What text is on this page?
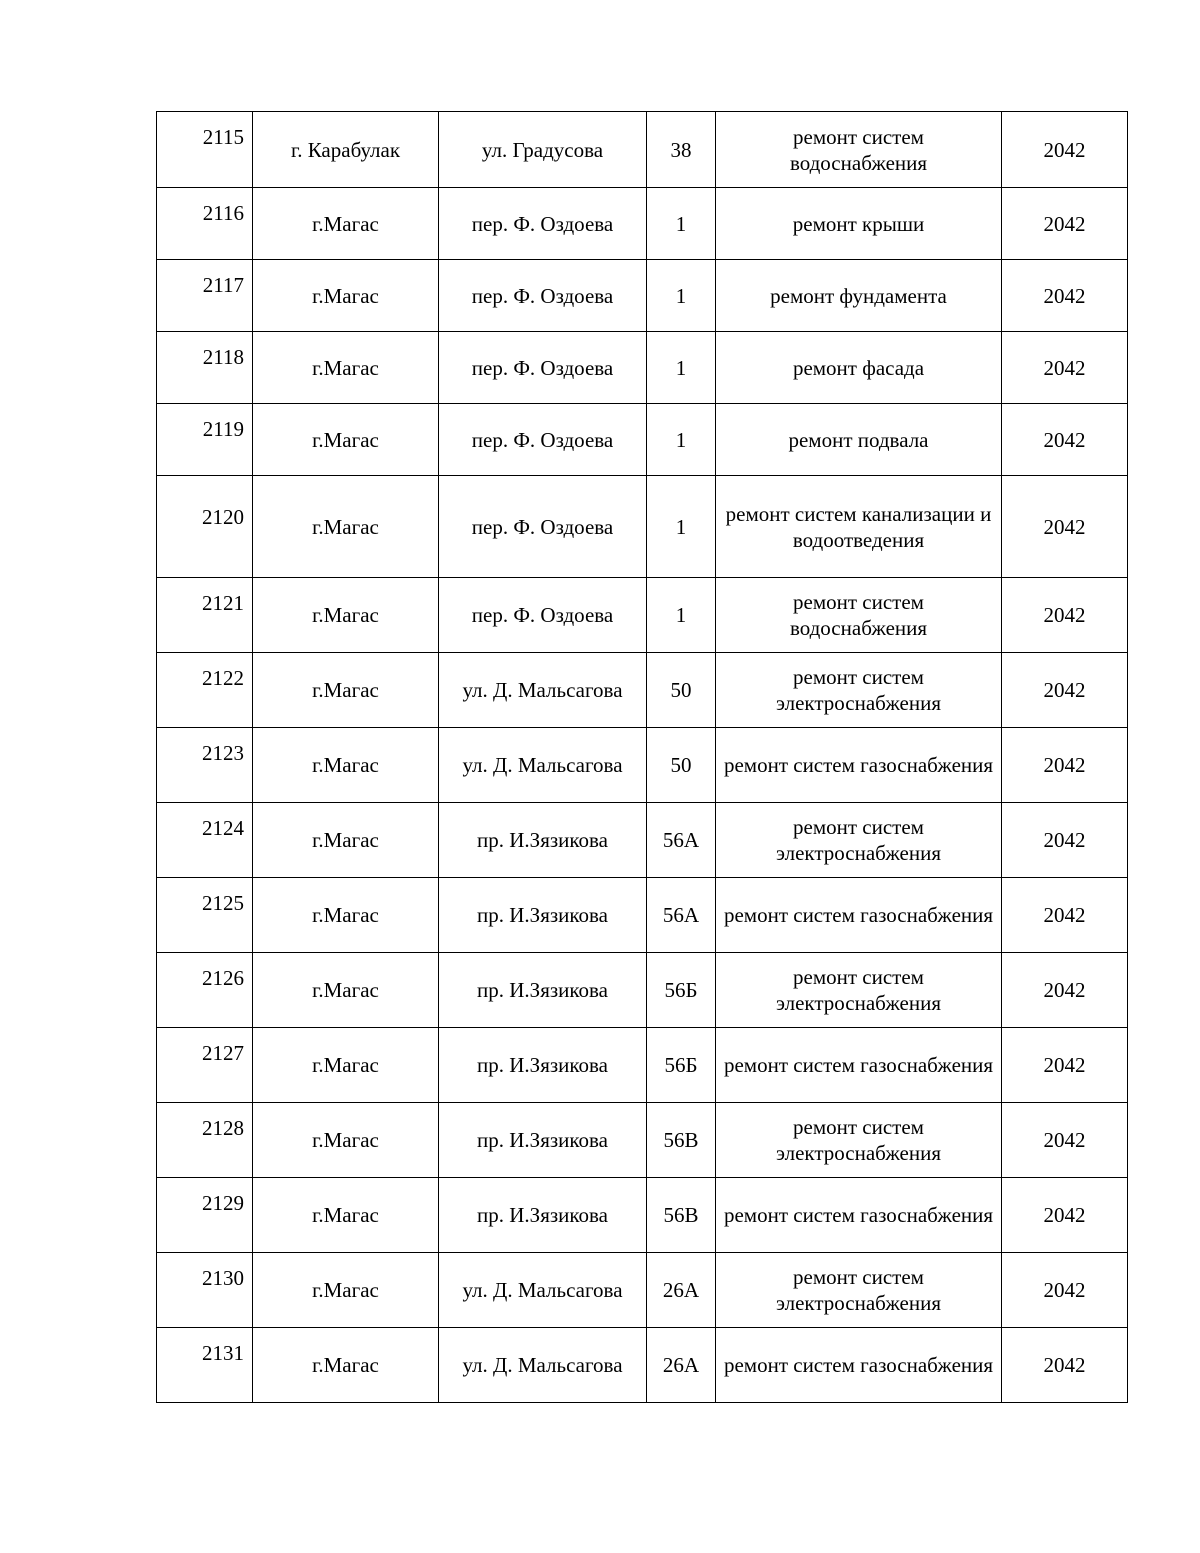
2115	г. Карабулак	ул. Градусова	38	ремонт систем водоснабжения	2042
2116	г.Магас	пер. Ф. Оздоева	1	ремонт крыши	2042
2117	г.Магас	пер. Ф. Оздоева	1	ремонт фундамента	2042
2118	г.Магас	пер. Ф. Оздоева	1	ремонт фасада	2042
2119	г.Магас	пер. Ф. Оздоева	1	ремонт подвала	2042
2120	г.Магас	пер. Ф. Оздоева	1	ремонт систем канализации и водоотведения	2042
2121	г.Магас	пер. Ф. Оздоева	1	ремонт систем водоснабжения	2042
2122	г.Магас	ул. Д. Мальсагова	50	ремонт систем электроснабжения	2042
2123	г.Магас	ул. Д. Мальсагова	50	ремонт систем газоснабжения	2042
2124	г.Магас	пр. И.Зязикова	56А	ремонт систем электроснабжения	2042
2125	г.Магас	пр. И.Зязикова	56А	ремонт систем газоснабжения	2042
2126	г.Магас	пр. И.Зязикова	56Б	ремонт систем электроснабжения	2042
2127	г.Магас	пр. И.Зязикова	56Б	ремонт систем газоснабжения	2042
2128	г.Магас	пр. И.Зязикова	56В	ремонт систем электроснабжения	2042
2129	г.Магас	пр. И.Зязикова	56В	ремонт систем газоснабжения	2042
2130	г.Магас	ул. Д. Мальсагова	26А	ремонт систем электроснабжения	2042
2131	г.Магас	ул. Д. Мальсагова	26А	ремонт систем газоснабжения	2042
